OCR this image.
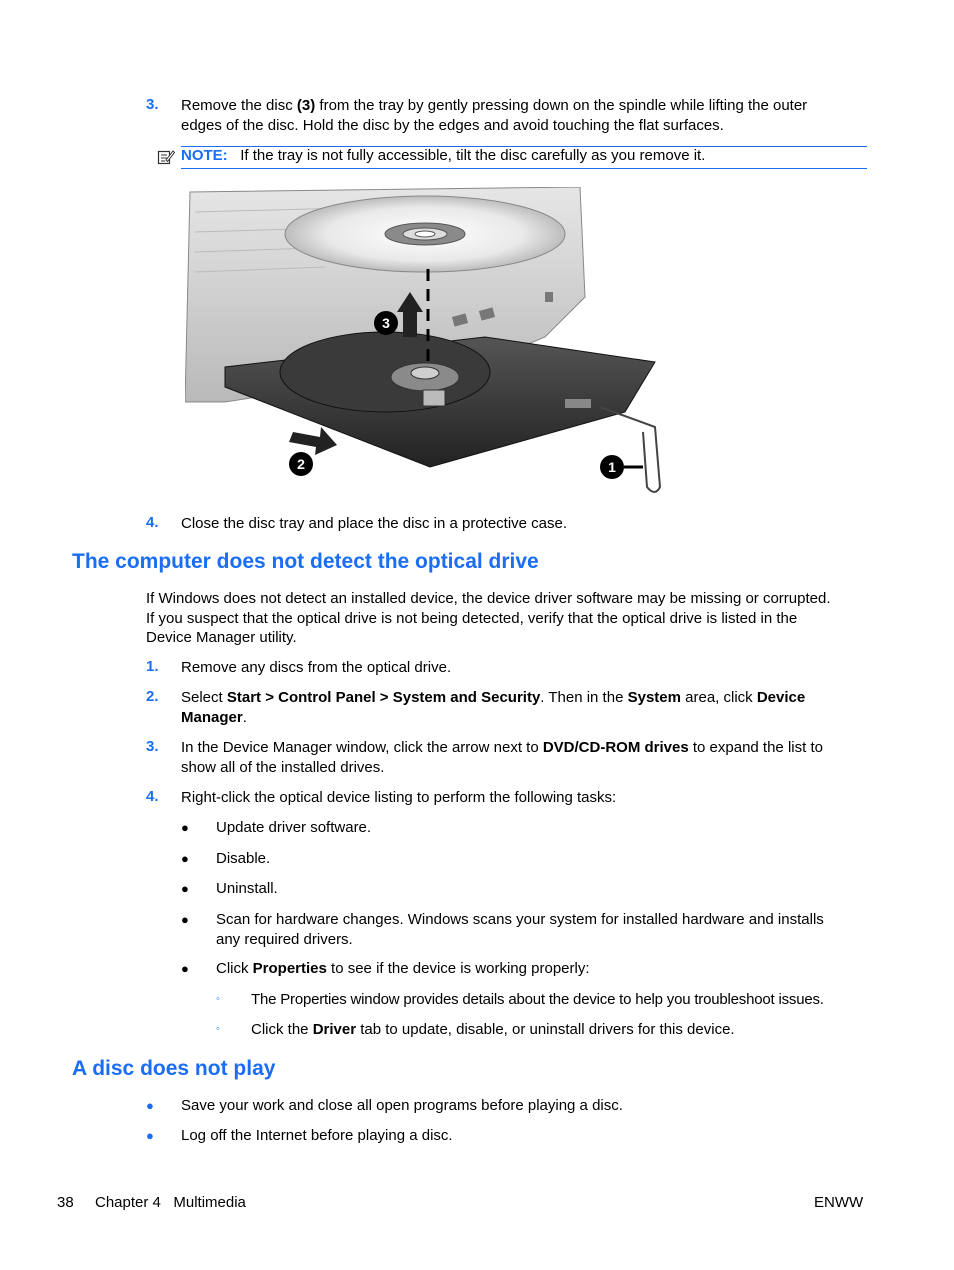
3. Remove the disc (3) from the tray by gently pressing down on the spindle while lifting the outer
edges of the disc. Hold the disc by the edges and avoid touching the flat surfaces.
NOTE: If the tray is not fully accessible, tilt the disc carefully as you remove it.
3
2	1
4. Close the disc tray and place the disc in a protective case.
The computer does not detect the optical drive
If Windows does not detect an installed device, the device driver software may be missing or corrupted.
If you suspect that the optical drive is not being detected, verify that the optical drive is listed in the
Device Manager utility.
1. Remove any discs from the optical drive.
2. Select Start > Control Panel > System and Security. Then in the System area, click Device
Manager.
3. In the Device Manager window, click the arrow next to DVD/CD-ROM drives to expand the list to
show all of the installed drives.
4. Right-click the optical device listing to perform the following tasks:
● Update driver software.
● Disable.
● Uninstall.
● Scan for hardware changes. Windows scans your system for installed hardware and installs
any required drivers.
● Click Properties to see if the device is working properly:
◦ The Properties window provides details about the device to help you troubleshoot issues.
◦ Click the Driver tab to update, disable, or uninstall drivers for this device.
A disc does not play
● Save your work and close all open programs before playing a disc.
● Log off the Internet before playing a disc.
38 Chapter 4   Multimedia	ENWW
